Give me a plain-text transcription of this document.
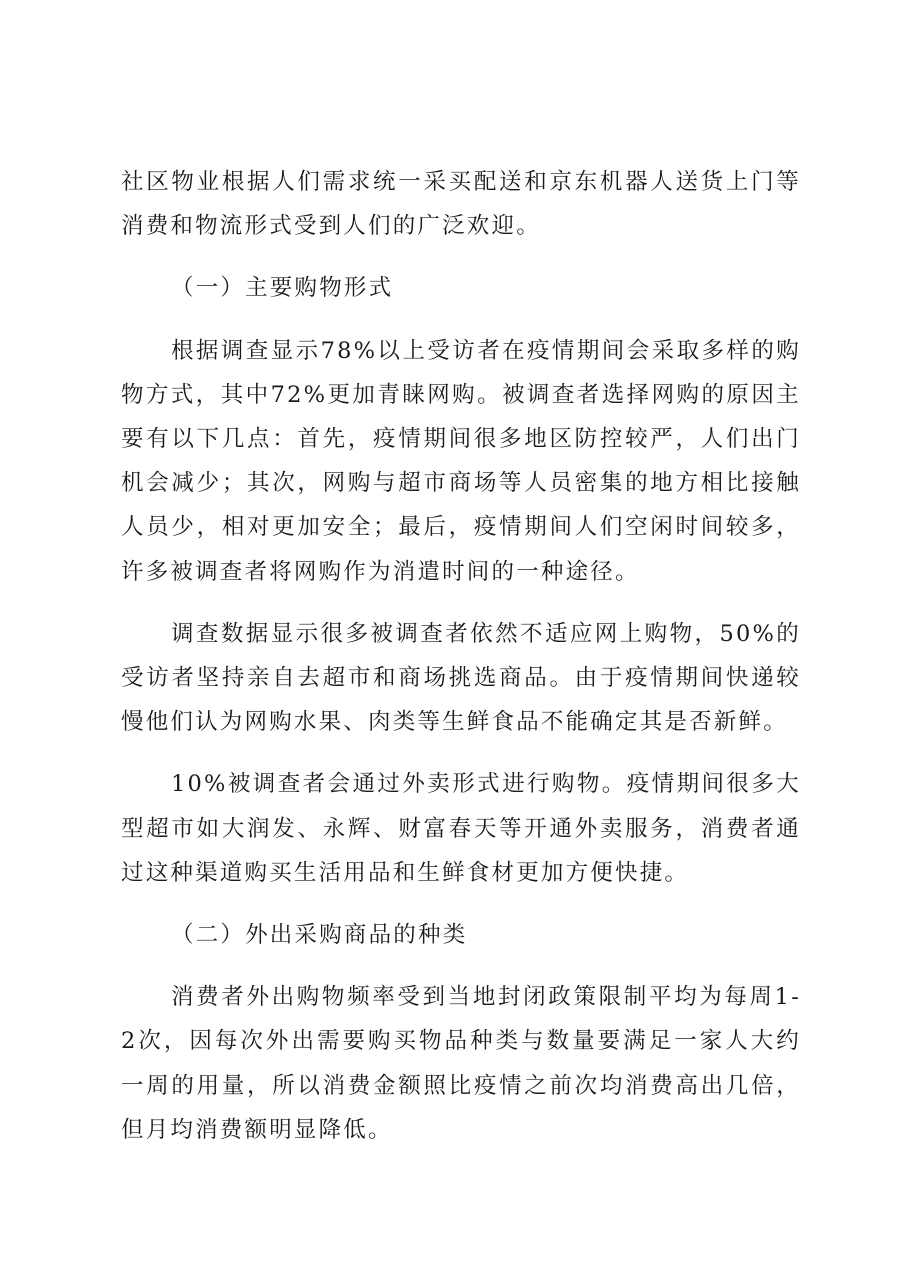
社区物业根据人们需求统一采买配送和京东机器人送货上门等消费和物流形式受到人们的广泛欢迎。

（一）主要购物形式

根据调查显示78%以上受访者在疫情期间会采取多样的购物方式，其中72%更加青睐网购。被调查者选择网购的原因主要有以下几点：首先，疫情期间很多地区防控较严，人们出门机会减少；其次，网购与超市商场等人员密集的地方相比接触人员少，相对更加安全；最后，疫情期间人们空闲时间较多，许多被调查者将网购作为消遣时间的一种途径。

调查数据显示很多被调查者依然不适应网上购物，50%的受访者坚持亲自去超市和商场挑选商品。由于疫情期间快递较慢他们认为网购水果、肉类等生鲜食品不能确定其是否新鲜。

10%被调查者会通过外卖形式进行购物。疫情期间很多大型超市如大润发、永辉、财富春天等开通外卖服务，消费者通过这种渠道购买生活用品和生鲜食材更加方便快捷。

（二）外出采购商品的种类

消费者外出购物频率受到当地封闭政策限制平均为每周1-2次，因每次外出需要购买物品种类与数量要满足一家人大约一周的用量，所以消费金额照比疫情之前次均消费高出几倍，但月均消费额明显降低。
